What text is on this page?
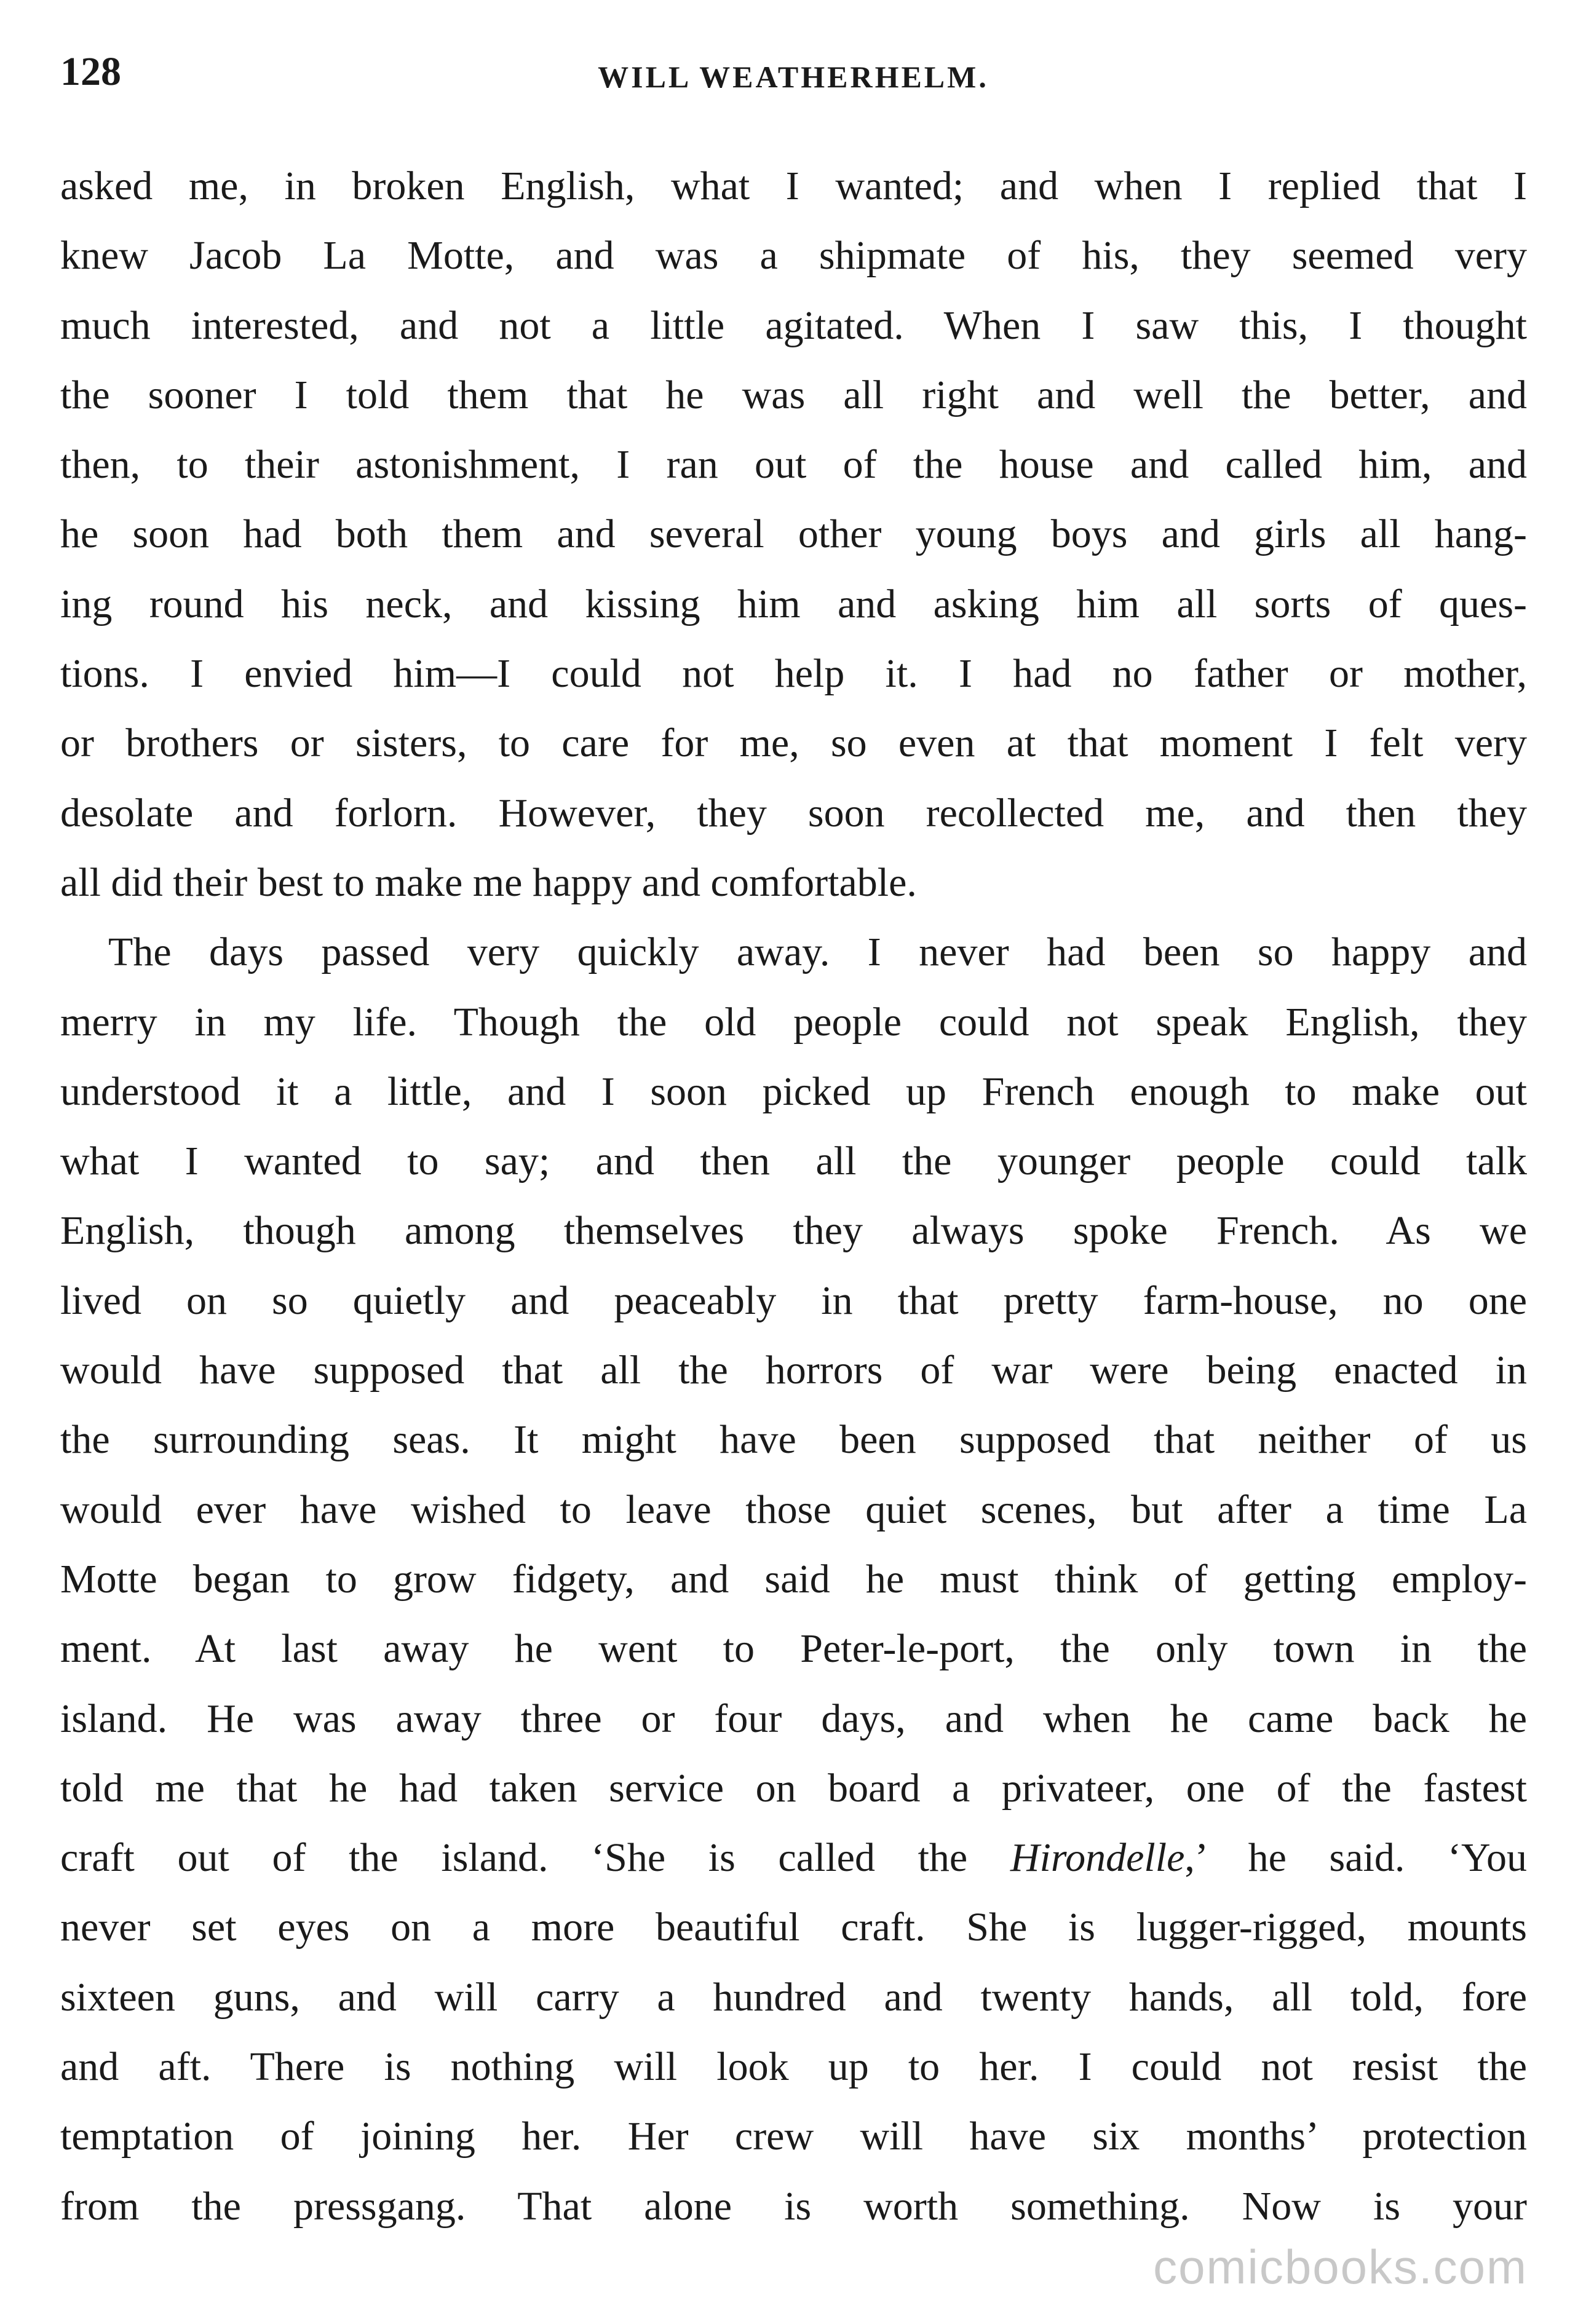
128	WILL WEATHERHELM.
asked me, in broken English, what I wanted; and when I replied that I
knew Jacob La Motte, and was a shipmate of his, they seemed very
much interested, and not a little agitated. When I saw this, I thought
the sooner I told them that he was all right and well the better, and
then, to their astonishment, I ran out of the house and called him, and
he soon had both them and several other young boys and girls all hang-
ing round his neck, and kissing him and asking him all sorts of ques-
tions. I envied him—I could not help it. I had no father or mother,
or brothers or sisters, to care for me, so even at that moment I felt very
desolate and forlorn. However, they soon recollected me, and then they
all did their best to make me happy and comfortable.
The days passed very quickly away. I never had been so happy and
merry in my life. Though the old people could not speak English, they
understood it a little, and I soon picked up French enough to make out
what I wanted to say; and then all the younger people could talk
English, though among themselves they always spoke French. As we
lived on so quietly and peaceably in that pretty farm-house, no one
would have supposed that all the horrors of war were being enacted in
the surrounding seas. It might have been supposed that neither of us
would ever have wished to leave those quiet scenes, but after a time La
Motte began to grow fidgety, and said he must think of getting employ-
ment. At last away he went to Peter-le-port, the only town in the
island. He was away three or four days, and when he came back he
told me that he had taken service on board a privateer, one of the fastest
craft out of the island. ‘She is called the Hirondelle,’ he said. ‘You
never set eyes on a more beautiful craft. She is lugger-rigged, mounts
sixteen guns, and will carry a hundred and twenty hands, all told, fore
and aft. There is nothing will look up to her. I could not resist the
temptation of joining her. Her crew will have six months’ protection
from the pressgang. That alone is worth something. Now is your
comicbooks.com
